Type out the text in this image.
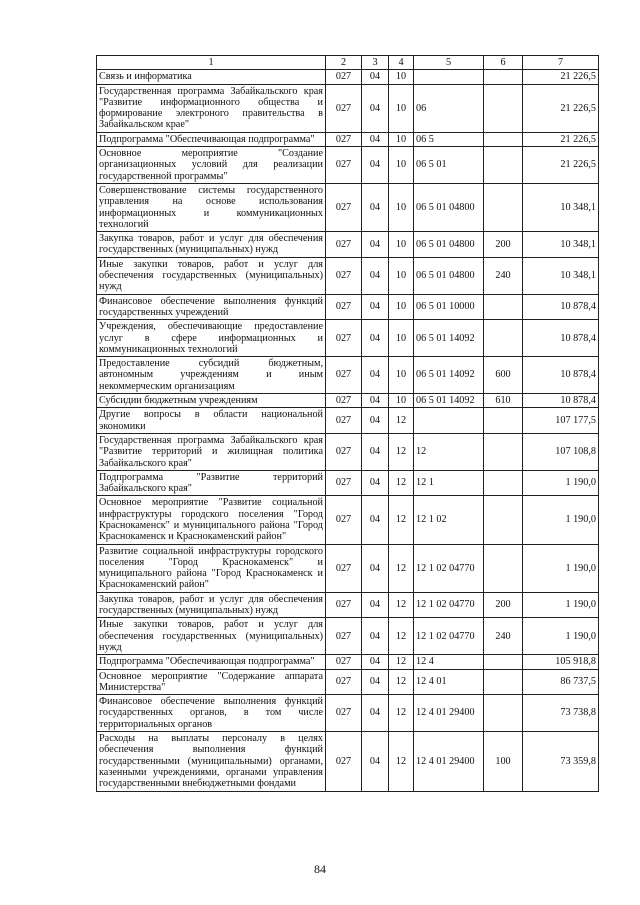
1	2	3	4	5	6	7
Связь и информатика	027	04	10			21 226,5
Государственная программа Забайкальского края "Развитие информационного общества и формирование электроного правительства в Забайкальском крае"	027	04	10	06		21 226,5
Подпрограмма "Обеспечивающая подпрограмма"	027	04	10	06 5		21 226,5
Основное мероприятие "Создание организационных условий для реализации государственной программы"	027	04	10	06 5 01		21 226,5
Совершенствование системы государственного управления на основе использования информационных и коммуникационных технологий	027	04	10	06 5 01 04800		10 348,1
Закупка товаров, работ и услуг для обеспечения государственных (муниципальных) нужд	027	04	10	06 5 01 04800	200	10 348,1
Иные закупки товаров, работ и услуг для обеспечения государственных (муниципальных) нужд	027	04	10	06 5 01 04800	240	10 348,1
Финансовое обеспечение выполнения функций государственных учреждений	027	04	10	06 5 01 10000		10 878,4
Учреждения, обеспечивающие предоставление услуг в сфере информационных и коммуникационных технологий	027	04	10	06 5 01 14092		10 878,4
Предоставление субсидий бюджетным, автономным учреждениям и иным некоммерческим организациям	027	04	10	06 5 01 14092	600	10 878,4
Субсидии бюджетным учреждениям	027	04	10	06 5 01 14092	610	10 878,4
Другие вопросы в области национальной экономики	027	04	12			107 177,5
Государственная программа Забайкальского края "Развитие территорий и жилищная политика Забайкальского края"	027	04	12	12		107 108,8
Подпрограмма "Развитие территорий Забайкальского края"	027	04	12	12 1		1 190,0
Основное мероприятие "Развитие социальной инфраструктуры городского поселения "Город Краснокаменск" и муниципального района "Город Краснокаменск и Краснокаменский район"	027	04	12	12 1 02		1 190,0
Развитие социальной инфраструктуры городского поселения "Город Краснокаменск" и муниципального района "Город Краснокаменск и Краснокаменский район"	027	04	12	12 1 02 04770		1 190,0
Закупка товаров, работ и услуг для обеспечения государственных (муниципальных) нужд	027	04	12	12 1 02 04770	200	1 190,0
Иные закупки товаров, работ и услуг для обеспечения государственных (муниципальных) нужд	027	04	12	12 1 02 04770	240	1 190,0
Подпрограмма "Обеспечивающая подпрограмма"	027	04	12	12 4		105 918,8
Основное мероприятие "Содержание аппарата Министерства"	027	04	12	12 4 01		86 737,5
Финансовое обеспечение выполнения функций государственных органов, в том числе территориальных органов	027	04	12	12 4 01 29400		73 738,8
Расходы на выплаты персоналу в целях обеспечения выполнения функций государственными (муниципальными) органами, казенными учреждениями, органами управления государственными внебюджетными фондами	027	04	12	12 4 01 29400	100	73 359,8
84
